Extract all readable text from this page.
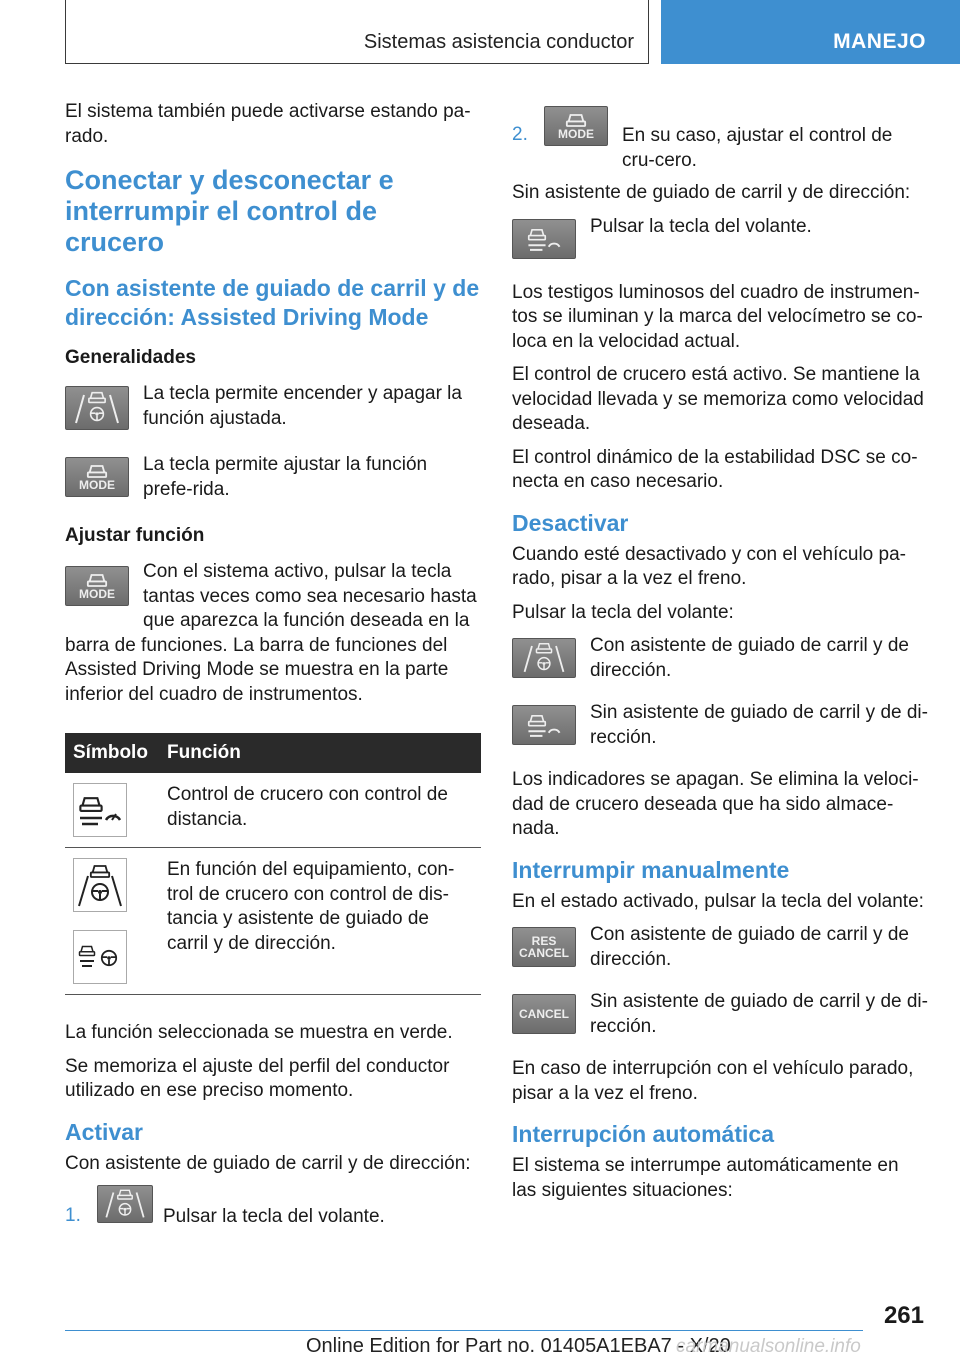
Sistemas asistencia conductor	MANEJO

El sistema también puede activarse estando pa-rado.

Conectar y desconectar e interrumpir el control de crucero
Con asistente de guiado de carril y de dirección: Assisted Driving Mode
Generalidades

La tecla permite encender y apagar la función ajustada.

MODE

La tecla permite ajustar la función prefe-rida.

Ajustar función
MODE

Con el sistema activo, pulsar la tecla tantas veces como sea necesario hasta que aparezca la función deseada en la barra de funciones. La barra de funciones del Assisted Driving Mode se muestra en la parte inferior del cuadro de instrumentos.

Símbolo	Función

	Control de crucero con control de distancia.

	En función del equipamiento, con-trol de crucero con control de dis-tancia y asistente de guiado de carril y de dirección.

La función seleccionada se muestra en verde.

Se memoriza el ajuste del perfil del conductor utilizado en ese preciso momento.

Activar

Con asistente de guiado de carril y de dirección:

1.	Pulsar la tecla del volante.

2.	MODE	En su caso, ajustar el control de cru-cero.

Sin asistente de guiado de carril y de dirección:

Pulsar la tecla del volante.

Los testigos luminosos del cuadro de instrumen-tos se iluminan y la marca del velocímetro se co-loca en la velocidad actual.

El control de crucero está activo. Se mantiene la velocidad llevada y se memoriza como velocidad deseada.

El control dinámico de la estabilidad DSC se co-necta en caso necesario.

Desactivar

Cuando esté desactivado y con el vehículo pa-rado, pisar a la vez el freno.

Pulsar la tecla del volante:

Con asistente de guiado de carril y de dirección.

Sin asistente de guiado de carril y de di-rección.

Los indicadores se apagan. Se elimina la veloci-dad de crucero deseada que ha sido almace-nada.

Interrumpir manualmente

En el estado activado, pulsar la tecla del volante:

RES
CANCEL

Con asistente de guiado de carril y de dirección.

CANCEL

Sin asistente de guiado de carril y de di-rección.

En caso de interrupción con el vehículo parado, pisar a la vez el freno.

Interrupción automática

El sistema se interrumpe automáticamente en las siguientes situaciones:

261
Online Edition for Part no. 01405A1EBA7 - X/20
carmanualsonline.info
